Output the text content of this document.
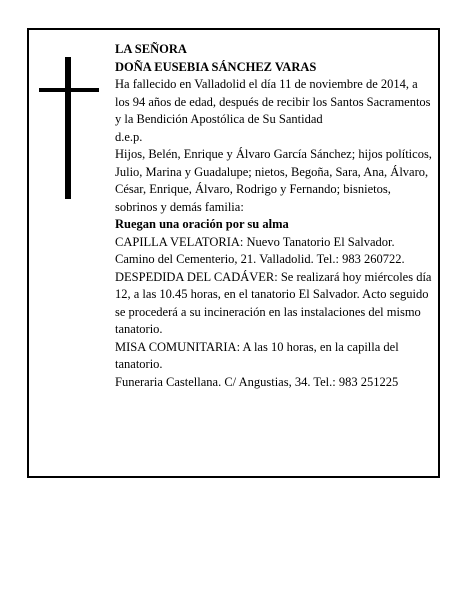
LA SEÑORA

DOÑA EUSEBIA SÁNCHEZ VARAS

Ha fallecido en Valladolid el día 11 de noviembre de 2014, a los 94 años de edad, después de recibir los Santos Sacramentos y la Bendición Apostólica de Su Santidad

d.e.p.

Hijos, Belén, Enrique y Álvaro García Sánchez; hijos políticos, Julio, Marina y Guadalupe; nietos, Begoña, Sara, Ana, Álvaro, César, Enrique, Álvaro, Rodrigo y Fernando; bisnietos, sobrinos y demás familia:

Ruegan una oración por su alma

CAPILLA VELATORIA: Nuevo Tanatorio El Salvador. Camino del Cementerio, 21. Valladolid. Tel.: 983 260722.

DESPEDIDA DEL CADÁVER: Se realizará hoy miércoles día 12, a las 10.45 horas, en el tanatorio El Salvador. Acto seguido se procederá a su incineración en las instalaciones del mismo tanatorio.

MISA COMUNITARIA: A las 10 horas, en la capilla del tanatorio.

Funeraria Castellana. C/ Angustias, 34. Tel.: 983 251225
